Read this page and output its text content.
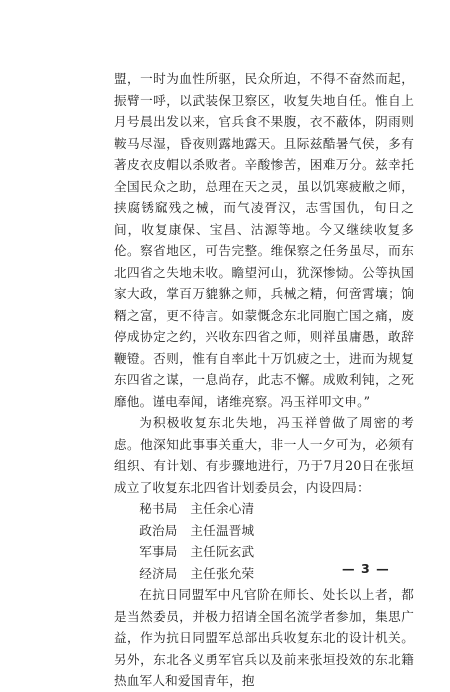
盟，一时为血性所驱，民众所迫，不得不奋然而起，振臂一呼，以武装保卫察区，收复失地自任。惟自上月号晨出发以来，官兵食不果腹，衣不蔽体，阴雨则鞍马尽湿，昏夜则露地露天。且际兹酷暑气侯，多有著皮衣皮帽以杀败者。辛酸惨苦，困难万分。兹幸托全国民众之助，总理在天之灵，虽以饥寒疲敝之师，挟腐锈窳残之械，而气凌胥汉，志雪国仇，旬日之间，收复康保、宝昌、沽源等地。今又继续收复多伦。察省地区，可告完整。维保察之任务虽尽，而东北四省之失地未收。瞻望河山，犹深惨恸。公等执国家大政，掌百万貔貅之师，兵械之精，何啻霄壤；饷糈之富，更不待言。如蒙慨念东北同胞亡国之痛，废停成协定之约，兴收东四省之师，则祥虽庸愚，敢辞鞭镫。否则，惟有自率此十万饥疲之士，进而为规复东四省之谋，一息尚存，此志不懈。成败利钝，之死靡他。谨电奉闻，诸维亮察。冯玉祥叩文申。”

为积极收复东北失地，冯玉祥曾做了周密的考虑。他深知此事事关重大，非一人一夕可为，必须有组织、有计划、有步骤地进行，乃于7月20日在张垣成立了收复东北四省计划委员会，内设四局：

秘书局　主任余心清
政治局　主任温晋城
军事局　主任阮玄武
经济局　主任张允荣

在抗日同盟军中凡官阶在师长、处长以上者，都是当然委员，并极力招请全国名流学者参加，集思广益，作为抗日同盟军总部出兵收复东北的设计机关。另外，东北各义勇军官兵以及前来张垣投效的东北籍热血军人和爱国青年，抱

— 3 —
